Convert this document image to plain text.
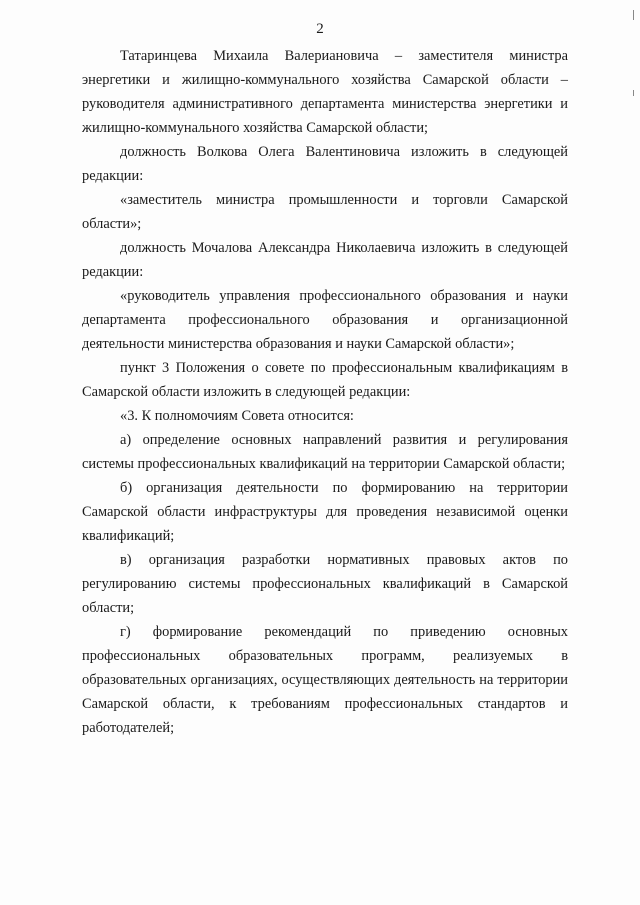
2

Татаринцева Михаила Валериановича – заместителя министра энергетики и жилищно-коммунального хозяйства Самарской области – руководителя административного департамента министерства энергетики и жилищно-коммунального хозяйства Самарской области;

должность Волкова Олега Валентиновича изложить в следующей редакции:

«заместитель министра промышленности и торговли Самарской области»;

должность Мочалова Александра Николаевича изложить в следующей редакции:

«руководитель управления профессионального образования и науки департамента профессионального образования и организационной деятельности министерства образования и науки Самарской области»;

пункт 3 Положения о совете по профессиональным квалификациям в Самарской области изложить в следующей редакции:

«3. К полномочиям Совета относится:

а) определение основных направлений развития и регулирования системы профессиональных квалификаций на территории Самарской области;

б) организация деятельности по формированию на территории Самарской области инфраструктуры для проведения независимой оценки квалификаций;

в) организация разработки нормативных правовых актов по регулированию системы профессиональных квалификаций в Самарской области;

г) формирование рекомендаций по приведению основных профессиональных образовательных программ, реализуемых в образовательных организациях, осуществляющих деятельность на территории Самарской области, к требованиям профессиональных стандартов и работодателей;
